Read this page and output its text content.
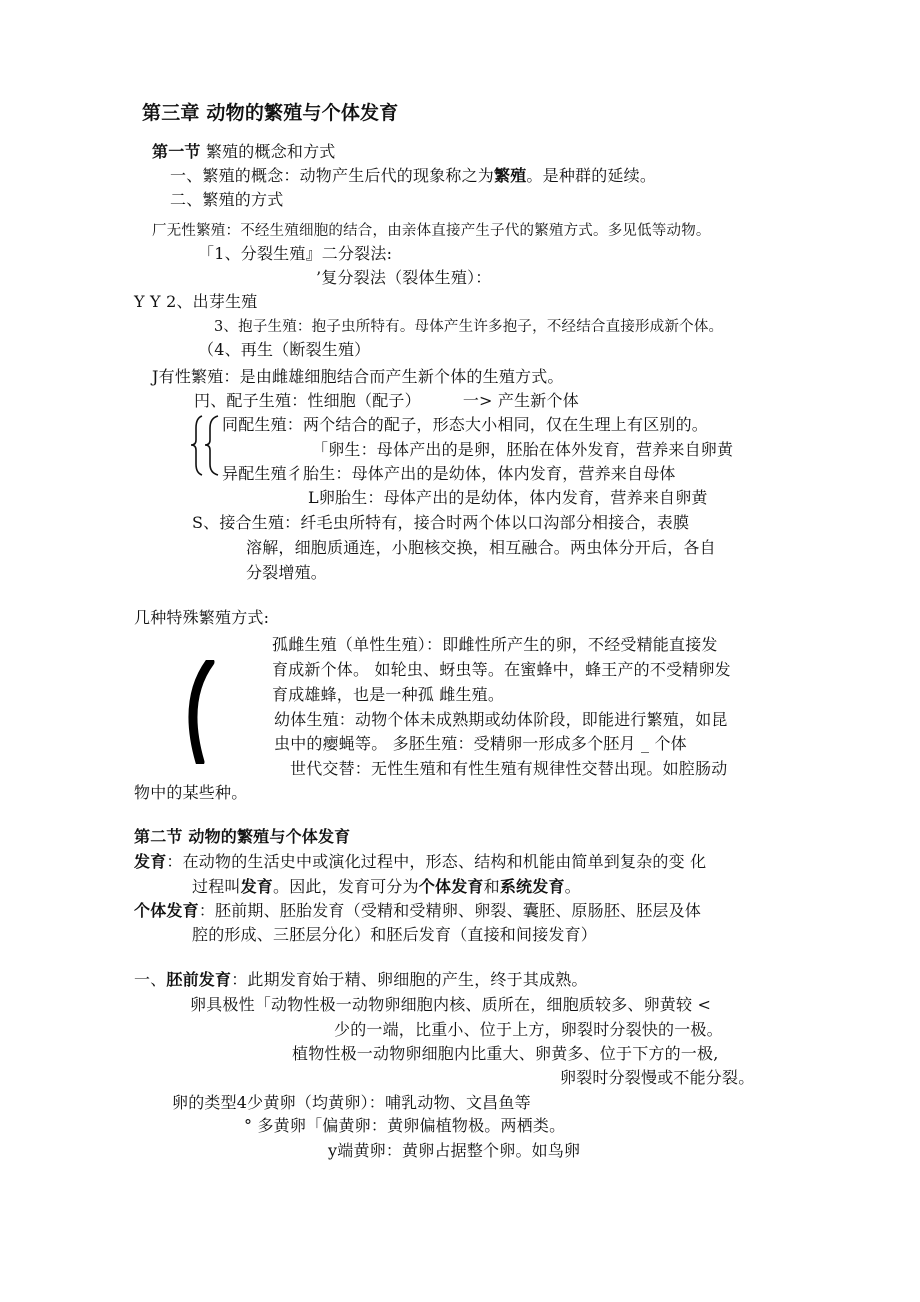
第三章 动物的繁殖与个体发育
第一节 繁殖的概念和方式
一、繁殖的概念：动物产生后代的现象称之为繁殖。是种群的延续。
二、繁殖的方式
厂无性繁殖：不经生殖细胞的结合，由亲体直接产生子代的繁殖方式。多见低等动物。
「1、分裂生殖』二分裂法:
’复分裂法（裂体生殖）：
Y Y 2、出芽生殖
3、抱子生殖：抱子虫所特有。母体产生许多抱子，不经结合直接形成新个体。
（4、再生（断裂生殖）
J有性繁殖：是由雌雄细胞结合而产生新个体的生殖方式。
円、配子生殖：性细胞（配子）	一> 产生新个体
同配生殖：两个结合的配子，形态大小相同，仅在生理上有区别的。
「卵生：母体产出的是卵，胚胎在体外发育，营养来自卵黄
异配生殖彳胎生：母体产出的是幼体，体内发育，营养来自母体
L卵胎生：母体产出的是幼体，体内发育，营养来自卵黄
S、接合生殖：纤毛虫所特有，接合时两个体以口沟部分相接合，表膜
溶解，细胞质通连，小胞核交换，相互融合。两虫体分开后，各自
分裂增殖。
几种特殊繁殖方式:
孤雌生殖（单性生殖）：即雌性所产生的卵，不经受精能直接发
育成新个体。 如轮虫、蚜虫等。在蜜蜂中，蜂王产的不受精卵发
育成雄蜂，也是一种孤 雌生殖。
幼体生殖：动物个体未成熟期或幼体阶段，即能进行繁殖，如昆
虫中的瘿蝇等。 多胚生殖：受精卵一形成多个胚月 _ 个体
世代交替：无性生殖和有性生殖有规律性交替出现。如腔肠动
物中的某些种。
第二节 动物的繁殖与个体发育
发育：在动物的生活史中或演化过程中，形态、结构和机能由简单到复杂的变 化
过程叫发育。因此，发育可分为个体发育和系统发育。
个体发育：胚前期、胚胎发育（受精和受精卵、卵裂、囊胚、原肠胚、胚层及体
腔的形成、三胚层分化）和胚后发育（直接和间接发育）
一、胚前发育：此期发育始于精、卵细胞的产生，终于其成熟。
卵具极性「动物性极一动物卵细胞内核、质所在，细胞质较多、卵黄较 <
少的一端，比重小、位于上方，卵裂时分裂快的一极。
植物性极一动物卵细胞内比重大、卵黄多、位于下方的一极,
卵裂时分裂慢或不能分裂。
卵的类型4少黄卵（均黄卵）：哺乳动物、文昌鱼等
° 多黄卵「偏黄卵：黄卵偏植物极。两栖类。
y端黄卵：黄卵占据整个卵。如鸟卵
